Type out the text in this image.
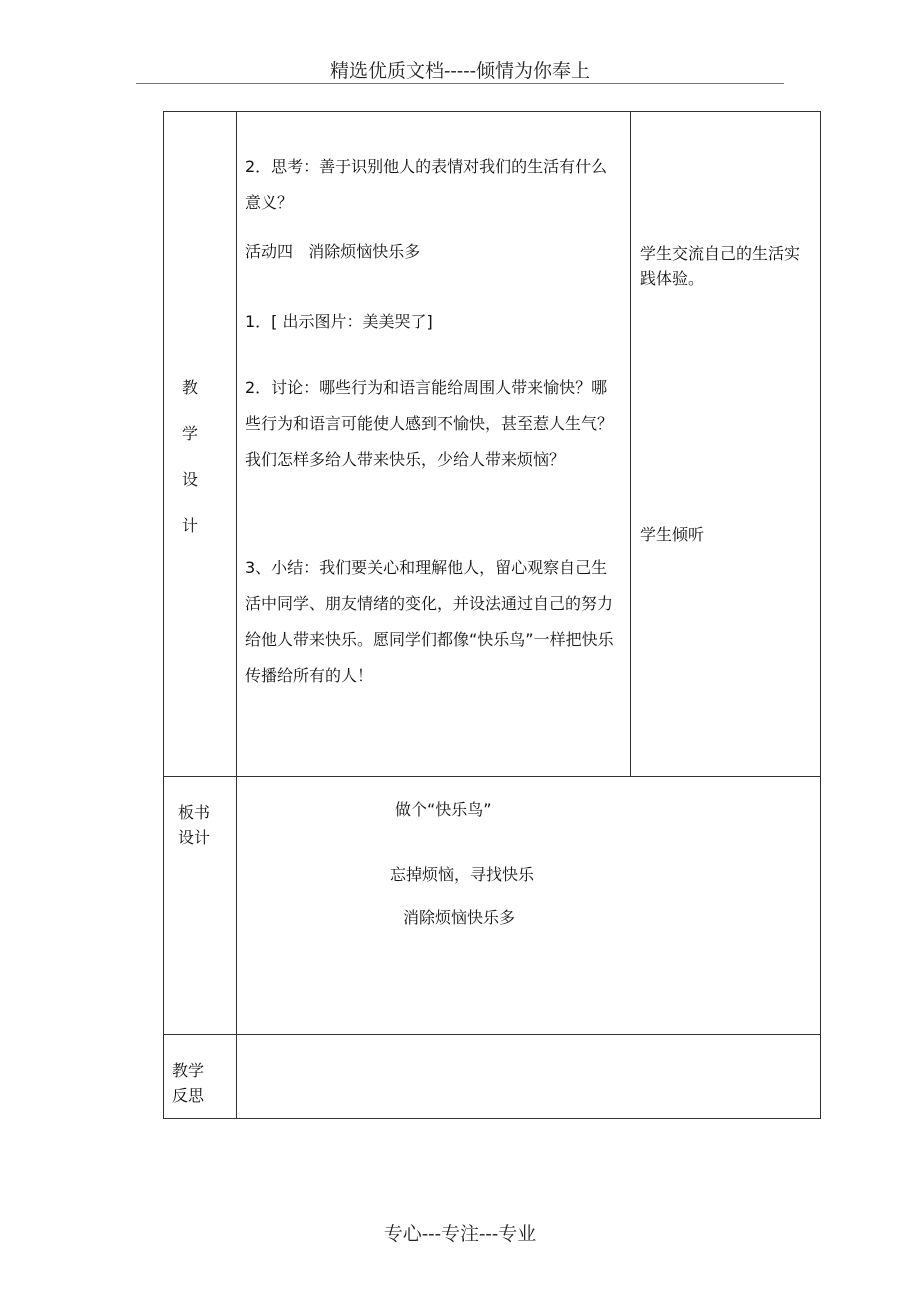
精选优质文档-----倾情为你奉上
教
学
设
计
2．思考：善于识别他人的表情对我们的生活有什么意义？
活动四   消除烦恼快乐多
1．[ 出示图片：美美哭了]
2．讨论：哪些行为和语言能给周围人带来愉快？哪些行为和语言可能使人感到不愉快，甚至惹人生气？我们怎样多给人带来快乐，少给人带来烦恼？
3、小结：我们要关心和理解他人，留心观察自己生活中同学、朋友情绪的变化，并设法通过自己的努力给他人带来快乐。愿同学们都像“快乐鸟”一样把快乐传播给所有的人！
学生交流自己的生活实践体验。
学生倾听
板书
设计
做个“快乐鸟”
忘掉烦恼，寻找快乐
消除烦恼快乐多
教学
反思
专心---专注---专业
